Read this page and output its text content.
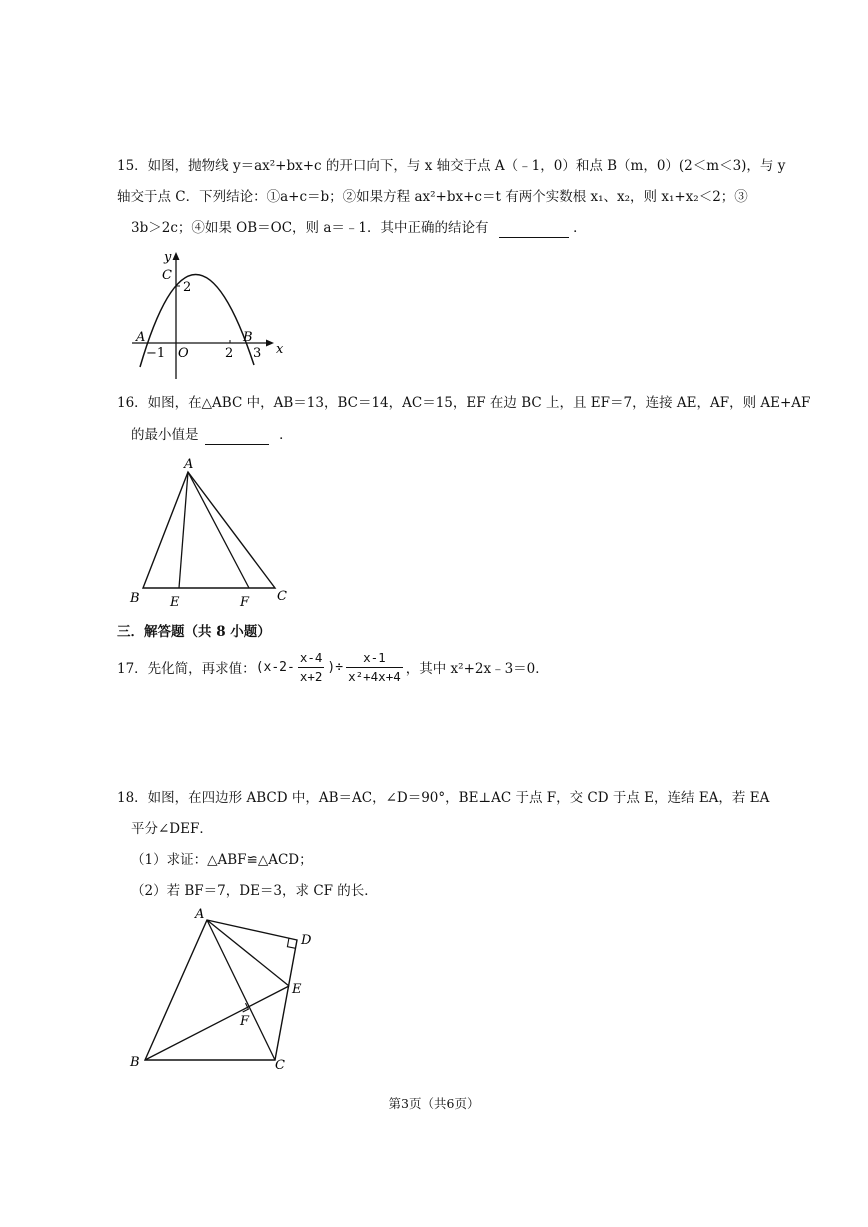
15．如图，抛物线 y＝ax²+bx+c 的开口向下，与 x 轴交于点 A（﹣1，0）和点 B（m，0）(2＜m＜3)，与 y
轴交于点 C．下列结论：①a+c＝b；②如果方程 ax²+bx+c＝t 有两个实数根 x₁、x₂，则 x₁+x₂＜2；③
3b＞2c；④如果 OB＝OC，则 a＝﹣1．其中正确的结论有	．
y
x
C
2
A	B
−1 O	2 3
16．如图，在△ABC 中，AB＝13，BC＝14，AC＝15，EF 在边 BC 上，且 EF＝7，连接 AE，AF，则 AE+AF
的最小值是	．
A
B E	F C
三．解答题（共 8 小题）
17．先化简，再求值： ($x-2- \frac{x-4}{x+2}$ )÷ $\frac{x-1}{\text{x²+4x+4}}$ ，其中 x²+2x﹣3＝0．
18．如图，在四边形 ABCD 中，AB＝AC，∠D＝90°，BE⊥AC 于点 F，交 CD 于点 E，连结 EA，若 EA
平分∠DEF．
（1）求证：△ABF≌△ACD；
（2）若 BF＝7，DE＝3，求 CF 的长．
A
D
E
F
B	C
第3页（共6页）
